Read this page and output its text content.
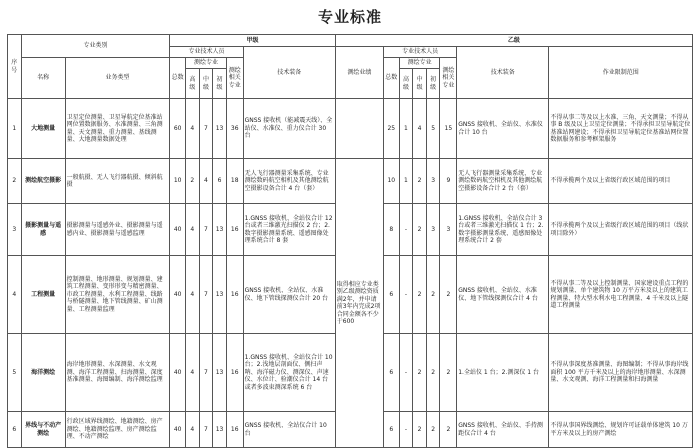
专业标准
序号	专业类别		甲级						乙级							
			专业技术人员					技术装备	测绘业绩	专业技术人员					技术装备	作业限制范围
	名称	业务类型	总数	测绘专业			测绘相关专业			总数	测绘专业			测绘相关专业		
				高级	中级	初级					高级	中级	初级			
1	大地测量	卫星定位测量、卫星导航定位基准站网位置数据服务、水准测量、三角测量、天文测量、重力测量、基线测量、大地测量数据处理	60	4	7	13	36	GNSS 接收机（能减震天线）、全站仪、水准仪、重力仪合计 30 台		25	1	4	5	15	GNSS 接收机、全站仪、水准仪合计 10 台	不得从事二等及以上水准、三角、天文测量；不得从事 B 级及以上卫星定位测量；不得承担卫星导航定位基准站网建设；不得承担卫星导航定位基准站网位置数据服务和参考框架服务
2	测绘航空摄影	一般航摄、无人飞行器航摄、倾斜航摄	10	2	4	6	18	无人飞行器测量采集系统、专业测绘数码航空相机及其他测绘航空摄影设备合计 4 台（套）	取得相应专业类别乙级测绘资质满2年，并申请前3年内完成2项合同金额各不少于600	10	1	2	3	9	无人飞行器测量采集系统、专业测绘数码航空相机及其他测绘航空摄影设备合计 2 台（套）	不得承揽两个及以上省级行政区域范围的项目
3	摄影测量与遥感	摄影测量与遥感外业、摄影测量与遥感内业、摄影测量与遥感监理	40	4	7	13	16	1.GNSS 接收机、全站仪合计 12 台或者三维激光扫描仪 2 台；2.数字摄影测量系统、遥感图像处理系统合计 8 套		8	-	2	3	3	1.GNSS 接收机、全站仪合计 3 台或者三维激光扫描仪 1 台；2.数字摄影测量系统、遥感图像处理系统合计 2 套	不得承揽两个及以上省级行政区域范围的项目（线状项目除外）
4	工程测量	控制测量、地形测量、规划测量、建筑工程测量、变形形变与精密测量、市政工程测量、水利工程测量、线路与桥隧测量、地下管线测量、矿山测量、工程测量监理	40	4	7	13	16	GNSS 接收机、全站仪、水准仪、地下管线探测仪合计 20 台		6	-	2	2	2	GNSS 接收机、全站仪、水准仪、地下管线探测仪合计 4 台	不得从事二等及以上控制测量、国家建设重点工程的规划测量、单个建筑物 10 万平方米及以上的建筑工程测量、特大型水利水电工程测量、4 千米及以上隧道工程测量
5	海洋测绘	海岸地形测量、水深测量、水文观测、海洋工程测量、扫海测量、深度基准测量、海图编制、海洋测绘监理	40	4	7	13	16	1.GNSS 接收机、全站仪合计 10 台；2.浅地层剖面仪、侧扫声呐、海洋磁力仪、测深仪、声速仪、水位计、验潮仪合计 14 台或者多波束测深系统 6 台		6	-	2	2	2	1.全站仪 1 台；2.测深仪 1 台	不得从事深度基准测量、海图编制；不得从事海岸线面积 100 平方千米及以上的海岸地形测量、水深测量、水文观测、海洋工程测量和扫海测量
6	界线与不动产测绘	行政区域界线测绘、地籍测绘、房产测绘、地籍测绘监理、房产测绘监理、不动产测绘	40	4	7	13	16	GNSS 接收机、全站仪合计 10 台		6	-	2	2	2	GNSS 接收机、全站仪、手持测距仪合计 4 台	不得从事国界线测绘、规划许可证载单体建筑 10 万平方米及以上的房产测绘
